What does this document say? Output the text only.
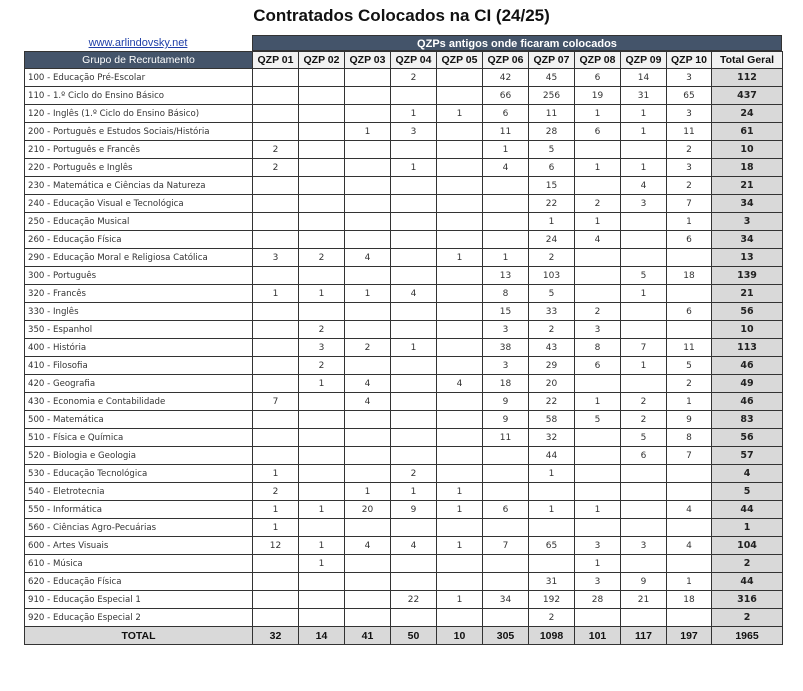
Contratados Colocados na CI (24/25)
www.arlindovsky.net	QZPs antigos onde ficaram colocados
Grupo de Recrutamento	QZP 01	QZP 02	QZP 03	QZP 04	QZP 05	QZP 06	QZP 07	QZP 08	QZP 09	QZP 10	Total Geral
100 - Educação Pré-Escolar				2		42	45	6	14	3	112
110 - 1.º Ciclo do Ensino Básico						66	256	19	31	65	437
120 - Inglês (1.º Ciclo do Ensino Básico)				1	1	6	11	1	1	3	24
200 - Português e Estudos Sociais/História			1	3		11	28	6	1	11	61
210 - Português e Francês	2					1	5			2	10
220 - Português e Inglês	2			1		4	6	1	1	3	18
230 - Matemática e Ciências da Natureza							15		4	2	21
240 - Educação Visual e Tecnológica							22	2	3	7	34
250 - Educação Musical							1	1		1	3
260 - Educação Física							24	4		6	34
290 - Educação Moral e Religiosa Católica	3	2	4		1	1	2				13
300 - Português						13	103		5	18	139
320 - Francês	1	1	1	4		8	5		1		21
330 - Inglês						15	33	2		6	56
350 - Espanhol		2				3	2	3			10
400 - História		3	2	1		38	43	8	7	11	113
410 - Filosofia		2				3	29	6	1	5	46
420 - Geografia		1	4		4	18	20			2	49
430 - Economia e Contabilidade	7		4			9	22	1	2	1	46
500 - Matemática						9	58	5	2	9	83
510 - Física e Química						11	32		5	8	56
520 - Biologia e Geologia							44		6	7	57
530 - Educação Tecnológica	1			2			1				4
540 - Eletrotecnia	2		1	1	1						5
550 - Informática	1	1	20	9	1	6	1	1		4	44
560 - Ciências Agro-Pecuárias	1										1
600 - Artes Visuais	12	1	4	4	1	7	65	3	3	4	104
610 - Música		1						1			2
620 - Educação Física							31	3	9	1	44
910 - Educação Especial 1				22	1	34	192	28	21	18	316
920 - Educação Especial 2							2				2
TOTAL	32	14	41	50	10	305	1098	101	117	197	1965
